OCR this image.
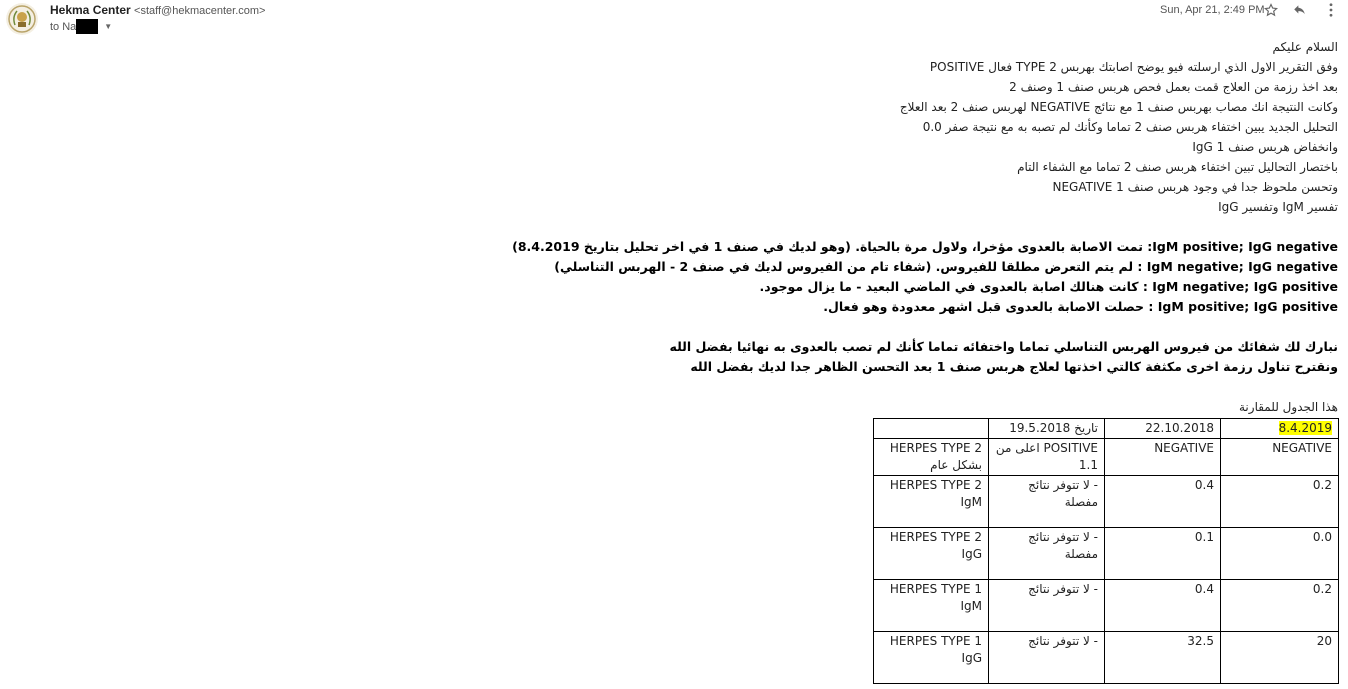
Hekma Center <staff@hekmacenter.com>
to Na	▼
Sun, Apr 21, 2:49 PM
السلام عليكم
وفق التقرير الاول الذي ارسلته فيو يوضح اصابتك بهربس TYPE 2 فعال POSITIVE
بعد اخذ رزمة من العلاج قمت بعمل فحص هربس صنف 1 وصنف 2
وكانت النتيجة انك مصاب بهربس صنف 1 مع نتائج NEGATIVE لهربس صنف 2 بعد العلاج
التحليل الجديد يبين اختفاء هربس صنف 2 تماما وكأنك لم تصبه به مع نتيجة صفر 0.0
وانخفاض هربس صنف 1 IgG
باختصار التحاليل تبين اختفاء هربس صنف 2 تماما مع الشفاء التام
وتحسن ملحوظ جدا في وجود هربس صنف 1 NEGATIVE
تفسير IgM وتفسير IgG
IgM positive; IgG negative: تمت الاصابة بالعدوى مؤخرا، ولاول مرة بالحياة. (وهو لديك في صنف 1 في اخر تحليل بتاريخ 8.4.2019)
IgM negative; IgG negative : لم يتم التعرض مطلقا للفيروس. (شفاء تام من الفيروس لديك في صنف 2 - الهربس التناسلي)
IgM negative; IgG positive : كانت هنالك اصابة بالعدوى في الماضي البعيد - ما يزال موجود.
IgM positive; IgG positive : حصلت الاصابة بالعدوى قبل اشهر معدودة وهو فعال.
نبارك لك شفائك من فيروس الهربس التناسلي تماما واختفائه تماما كأنك لم تصب بالعدوى به نهائيا بفضل الله
ونقترح تناول رزمة اخرى مكثفة كالتي اخذتها لعلاج هربس صنف 1 بعد التحسن الظاهر جدا لديك بفضل الله
هذا الجدول للمقارنة
8.4.2019	22.10.2018	تاريخ 19.5.2018	
NEGATIVE	NEGATIVE	POSITIVE اعلى من 1.1	HERPES TYPE 2 بشكل عام
0.2	0.4	- لا تتوفر نتائج مفصلة	HERPES TYPE 2 IgM
0.0	0.1	- لا تتوفر نتائج مفصلة	HERPES TYPE 2 IgG
0.2	0.4	- لا تتوفر نتائج	HERPES TYPE 1 IgM
20	32.5	- لا تتوفر نتائج	HERPES TYPE 1 IgG
